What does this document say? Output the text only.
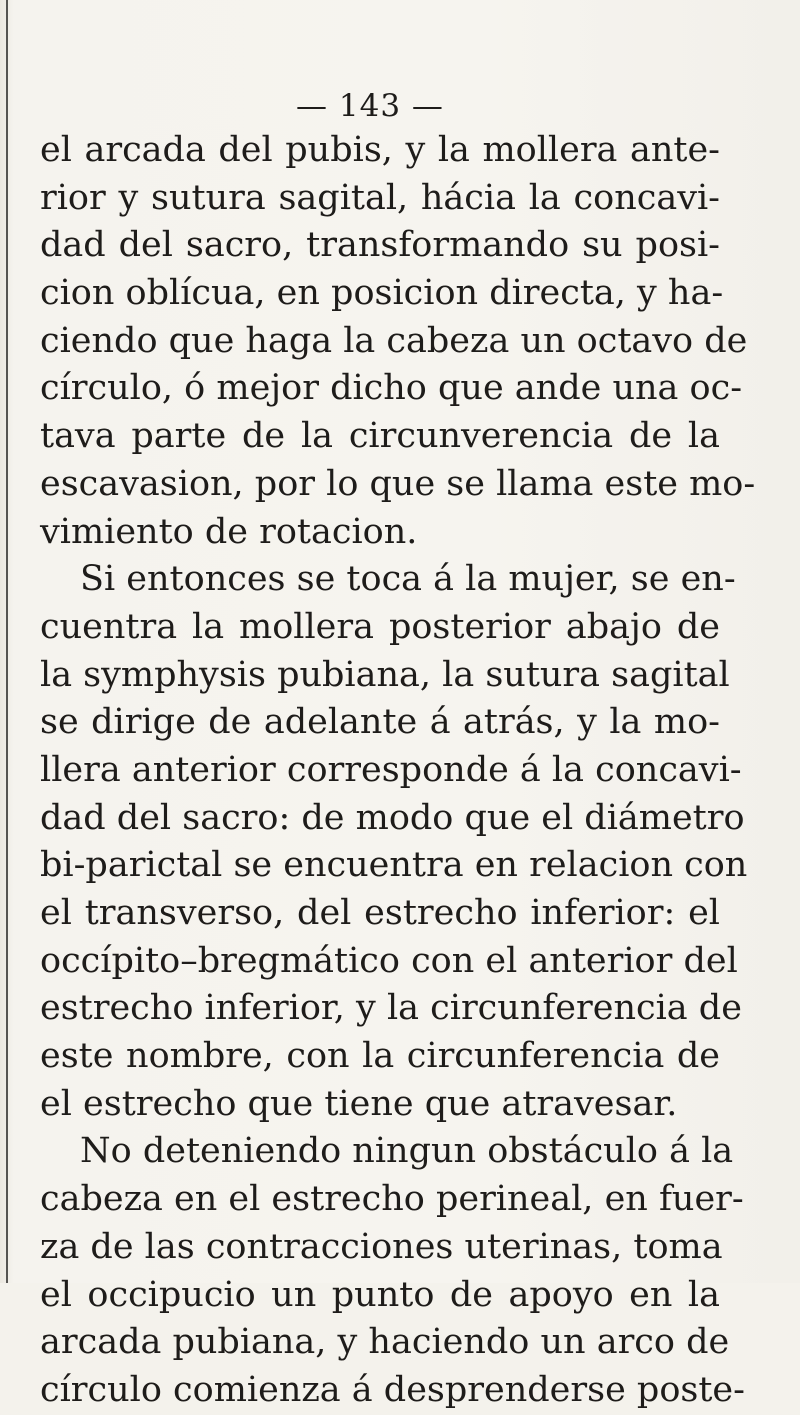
— 143 —
el arcada del pubis, y la mollera ante-
rior y sutura sagital, hácia la concavi-
dad del sacro, transformando su posi-
cion oblícua, en posicion directa, y ha-
ciendo que haga la cabeza un octavo de
círculo, ó mejor dicho que ande una oc-
tava parte de la circunverencia de la
escavasion, por lo que se llama este mo-
vimiento de rotacion.
Si entonces se toca á la mujer, se en-
cuentra la mollera posterior abajo de
la symphysis pubiana, la sutura sagital
se dirige de adelante á atrás, y la mo-
llera anterior corresponde á la concavi-
dad del sacro: de modo que el diámetro
bi-parictal se encuentra en relacion con
el transverso, del estrecho inferior: el
occípito–bregmático con el anterior del
estrecho inferior, y la circunferencia de
este nombre, con la circunferencia de
el estrecho que tiene que atravesar.
No deteniendo ningun obstáculo á la
cabeza en el estrecho perineal, en fuer-
za de las contracciones uterinas, toma
el occipucio un punto de apoyo en la
arcada pubiana, y haciendo un arco de
círculo comienza á desprenderse poste-
